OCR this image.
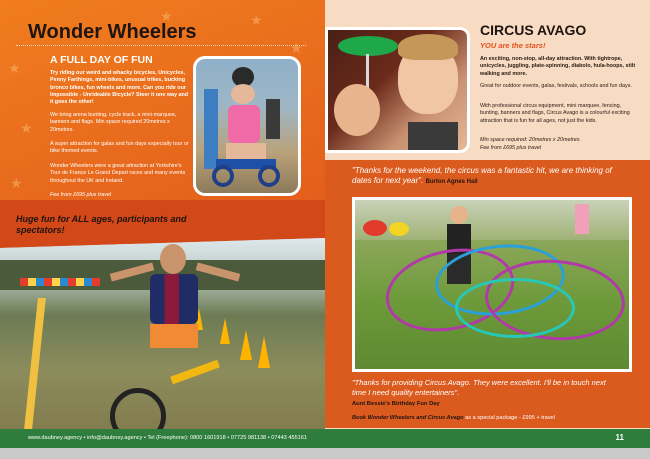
★
★
★
★	★
★
Wonder Wheelers
A FULL DAY OF FUN
Try riding our weird and whacky bicycles, Unicycles, Penny Farthings, mini-bikes, unusual trikes, bucking bronco bikes, fun wheels and more. Can you ride our Impossible - Unrideable Bicycle? Steer it one way and it goes the other!
We bring arena bunting, cycle track, a mini-marquee, banners and flags. Min space required 20metres x 20metres.
A super attraction for galas and fun days especially tour or bike themed events.
Wonder Wheelers were a great attraction at Yorkshire's Tour de France Le Grand Depart races and many events throughout the UK and Ireland.
Fee from £695 plus travel
Huge fun for ALL ages, participants and spectators!
CIRCUS AVAGO
YOU are the stars!
An exciting, non-stop, all-day attraction. With tightrope, unicycles, juggling, plate-spinning, diabolo, hula-hoops, stilt walking and more.
Great for outdoor events, galas, festivals, schools and fun days.
With professional circus equipment, mini marquee, fencing, bunting, banners and flags, Circus Avago is a colourful exciting attraction that is fun for all ages, not just the kids.
Min space required: 20metres x 20metres.
Fee from £695 plus travel
"Thanks for the weekend, the circus was a fantastic hit, we are thinking of dates for next year". Burton Agnes Hall
"Thanks for providing Circus Avago. They were excellent. I'll be in touch next time I need quality entertainers".
Aunt Bessie's Birthday Fun Day
Book Wonder Wheelers and Circus Avago as a special package - £995 + travel
www.daubney.agency • info@daubney.agency • Tel (Freephone): 0800 1601918 • 07725 981138 • 07443 455161	11
